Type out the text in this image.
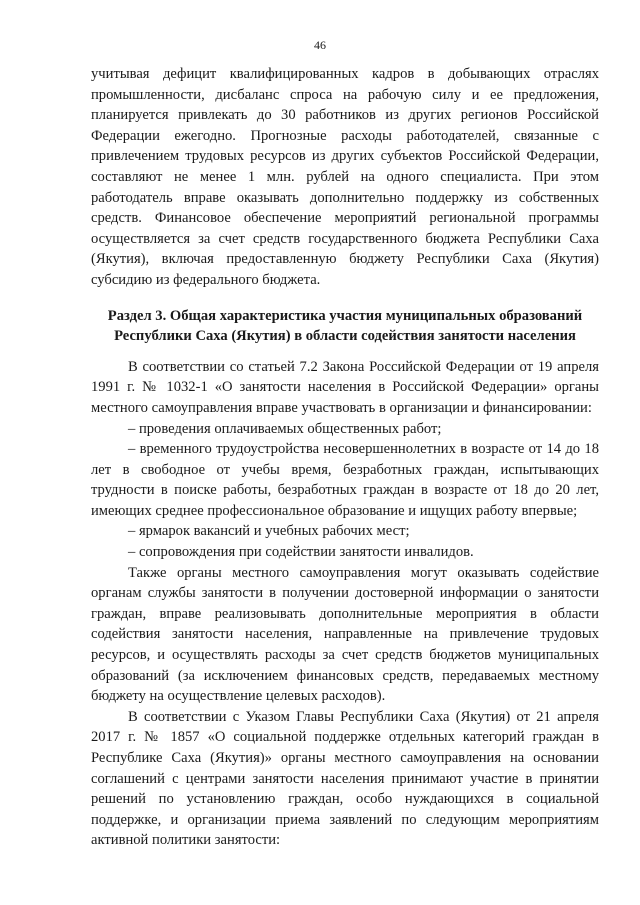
46

учитывая дефицит квалифицированных кадров в добывающих отраслях промышленности, дисбаланс спроса на рабочую силу и ее предложения, планируется привлекать до 30 работников из других регионов Российской Федерации ежегодно. Прогнозные расходы работодателей, связанные с привлечением трудовых ресурсов из других субъектов Российской Федерации, составляют не менее 1 млн. рублей на одного специалиста. При этом работодатель вправе оказывать дополнительно поддержку из собственных средств. Финансовое обеспечение мероприятий региональной программы осуществляется за счет средств государственного бюджета Республики Саха (Якутия), включая предоставленную бюджету Республики Саха (Якутия) субсидию из федерального бюджета.

Раздел 3. Общая характеристика участия муниципальных образований Республики Саха (Якутия) в области содействия занятости населения

В соответствии со статьей 7.2 Закона Российской Федерации от 19 апреля 1991 г. № 1032-1 «О занятости населения в Российской Федерации» органы местного самоуправления вправе участвовать в организации и финансировании:

– проведения оплачиваемых общественных работ;

– временного трудоустройства несовершеннолетних в возрасте от 14 до 18 лет в свободное от учебы время, безработных граждан, испытывающих трудности в поиске работы, безработных граждан в возрасте от 18 до 20 лет, имеющих среднее профессиональное образование и ищущих работу впервые;

– ярмарок вакансий и учебных рабочих мест;

– сопровождения при содействии занятости инвалидов.

Также органы местного самоуправления могут оказывать содействие органам службы занятости в получении достоверной информации о занятости граждан, вправе реализовывать дополнительные мероприятия в области содействия занятости населения, направленные на привлечение трудовых ресурсов, и осуществлять расходы за счет средств бюджетов муниципальных образований (за исключением финансовых средств, передаваемых местному бюджету на осуществление целевых расходов).

В соответствии с Указом Главы Республики Саха (Якутия) от 21 апреля 2017 г. № 1857 «О социальной поддержке отдельных категорий граждан в Республике Саха (Якутия)» органы местного самоуправления на основании соглашений с центрами занятости населения принимают участие в принятии решений по установлению граждан, особо нуждающихся в социальной поддержке, и организации приема заявлений по следующим мероприятиям активной политики занятости:
